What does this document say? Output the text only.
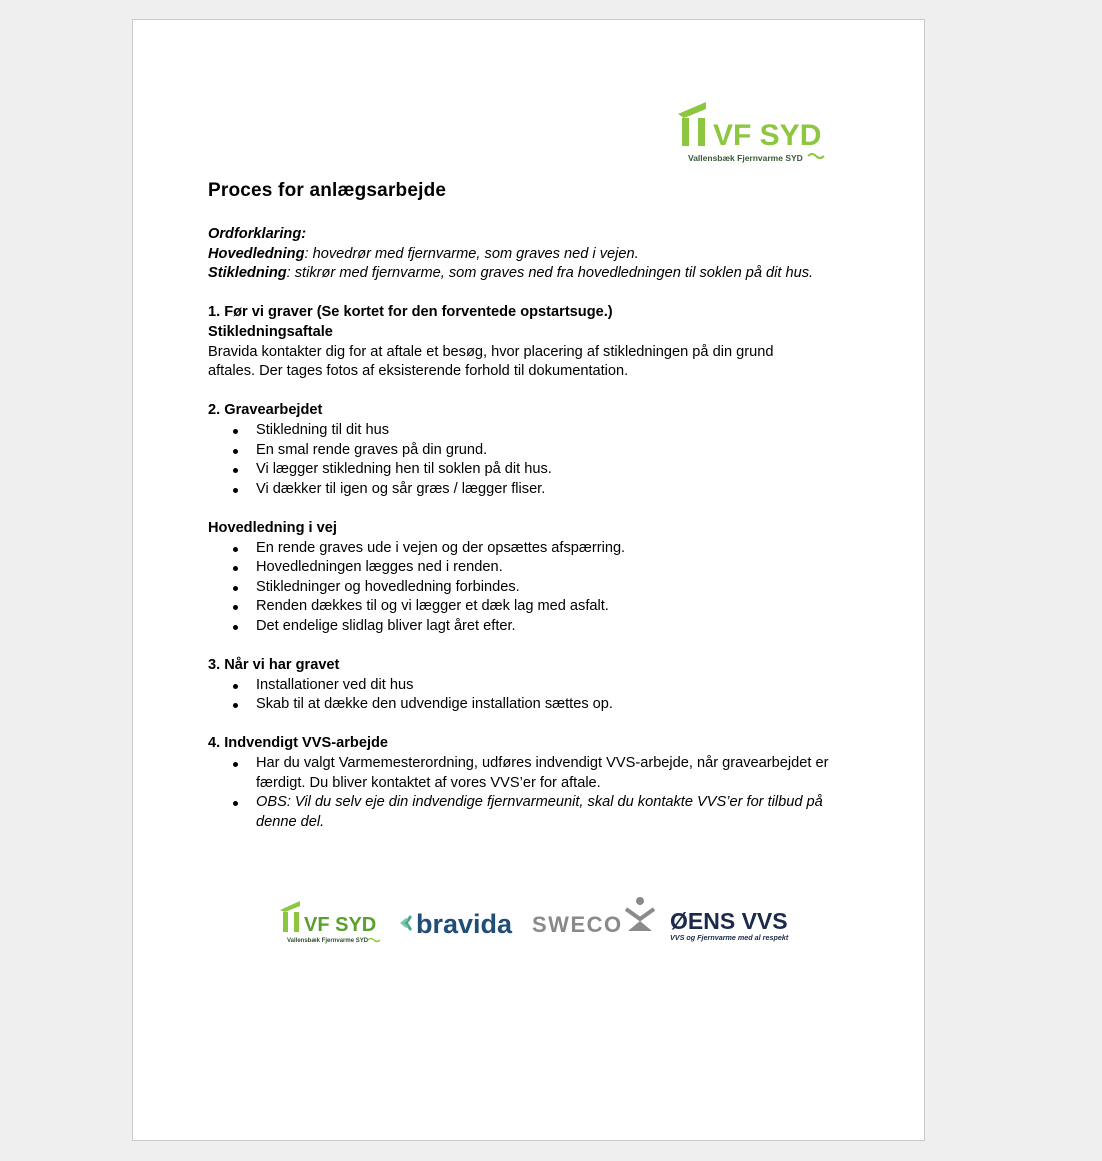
VF SYD
Vallensbæk Fjernvarme SYD
Proces for anlægsarbejde

Ordforklaring:

Hovedledning: hovedrør med fjernvarme, som graves ned i vejen.

Stikledning: stikrør med fjernvarme, som graves ned fra hovedledningen til soklen på dit hus.

1. Før vi graver (Se kortet for den forventede opstartsuge.)

Stikledningsaftale

Bravida kontakter dig for at aftale et besøg, hvor placering af stikledningen på din grund aftales. Der tages fotos af eksisterende forhold til dokumentation.

2. Gravearbejdet

Stikledning til dit hus
En smal rende graves på din grund.
Vi lægger stikledning hen til soklen på dit hus.
Vi dækker til igen og sår græs / lægger fliser.

Hovedledning i vej

En rende graves ude i vejen og der opsættes afspærring.
Hovedledningen lægges ned i renden.
Stikledninger og hovedledning forbindes.
Renden dækkes til og vi lægger et dæk lag med asfalt.
Det endelige slidlag bliver lagt året efter.

3. Når vi har gravet

Installationer ved dit hus
Skab til at dække den udvendige installation sættes op.

4. Indvendigt VVS-arbejde

Har du valgt Varmemesterordning, udføres indvendigt VVS-arbejde, når gravearbejdet er færdigt. Du bliver kontaktet af vores VVS’er for aftale.
OBS: Vil du selv eje din indvendige fjernvarmeunit, skal du kontakte VVS’er for tilbud på denne del.
VF SYD
Vallensbæk Fjernvarme SYD
bravida SWECO ØENS VVS
VVS og Fjernvarme med al respekt
